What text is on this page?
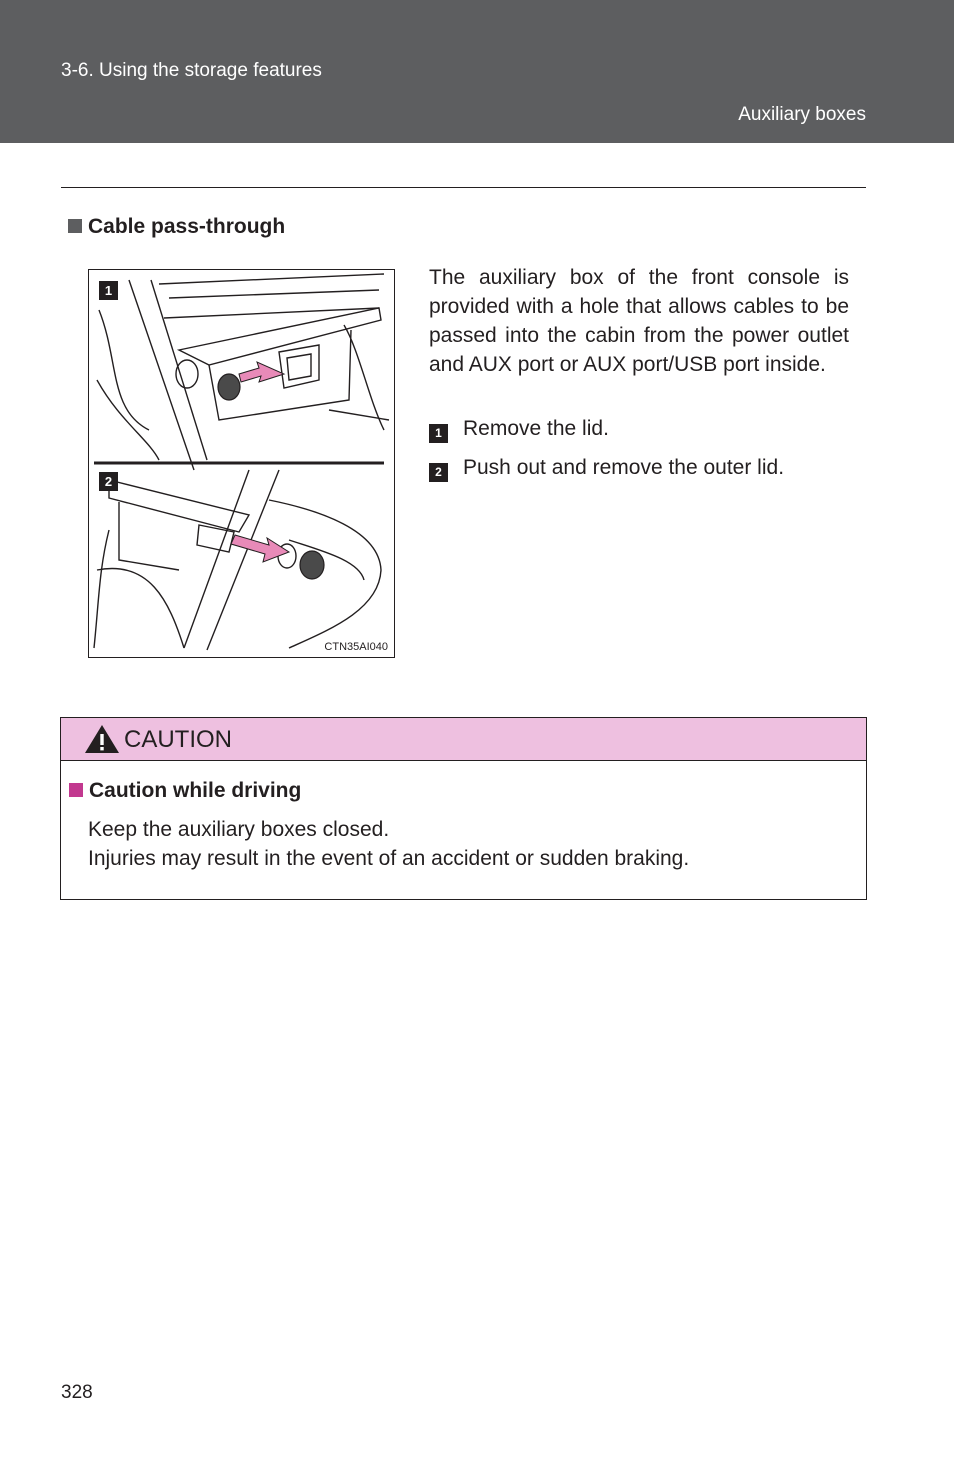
3-6. Using the storage features
Auxiliary boxes
Cable pass-through
1
2
CTN35AI040

The auxiliary box of the front console is provided with a hole that allows cables to be passed into the cabin from the power outlet and AUX port or AUX port/USB port inside.

1 Remove the lid.
2 Push out and remove the outer lid.
CAUTION
Caution while driving
Keep the auxiliary boxes closed.
Injuries may result in the event of an accident or sudden braking.
328
